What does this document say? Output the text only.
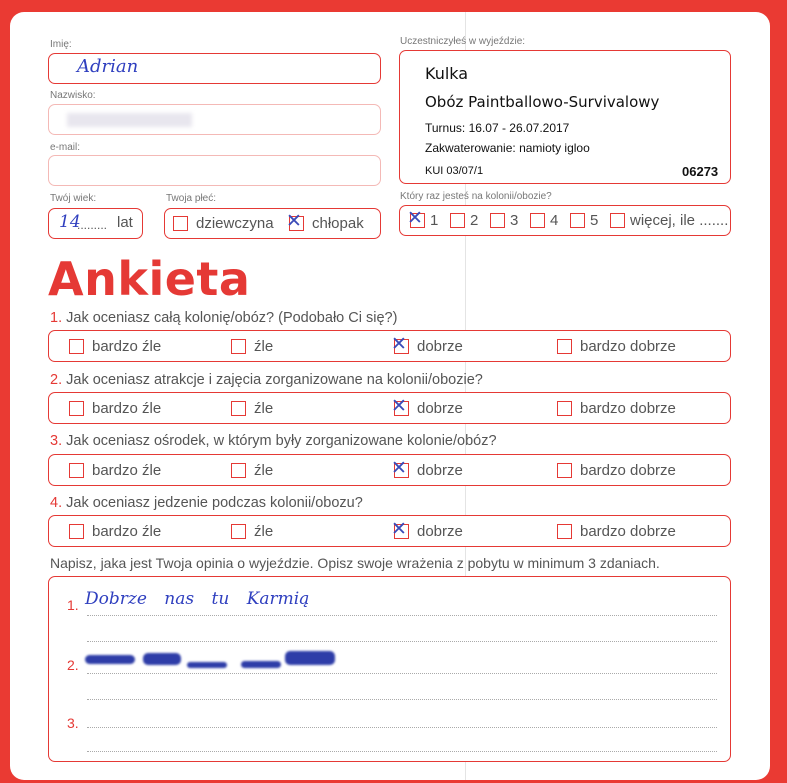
Imię:
Adrian
Nazwisko:
e-mail:
Twój wiek:
14
......... lat
Twoja płeć:
dziewczyna ✕ chłopak
Uczestniczyłeś w wyjeździe:
Kulka
Obóz Paintballowo-Survivalowy
Turnus: 16.07 - 26.07.2017
Zakwaterowanie: namioty igloo
KUI 03/07/1	06273
Który raz jesteś na kolonii/obozie?
✕ 1 2 3 4 5 więcej, ile .......
Ankieta
1. Jak oceniasz całą kolonię/obóz? (Podobało Ci się?)
bardzo źle	źle	✕ dobrze	bardzo dobrze
2. Jak oceniasz atrakcje i zajęcia zorganizowane na kolonii/obozie?
bardzo źle	źle	✕ dobrze	bardzo dobrze
3. Jak oceniasz ośrodek, w którym były zorganizowane kolonie/obóz?
bardzo źle	źle	✕ dobrze	bardzo dobrze
4. Jak oceniasz jedzenie podczas kolonii/obozu?
bardzo źle	źle	✕ dobrze	bardzo dobrze
Napisz, jaka jest Twoja opinia o wyjeździe. Opisz swoje wrażenia z pobytu w minimum 3 zdaniach.
1. Dobrze nas tu Karmią
2.
3.
